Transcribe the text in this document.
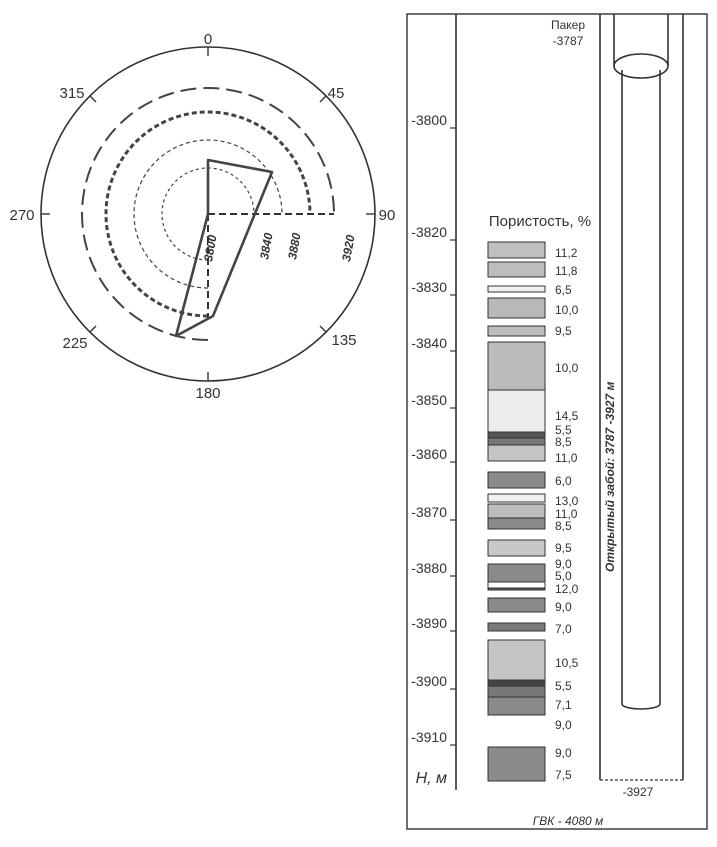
0
45
90
135
180
225
270
315
3800	3840 3880	3920
Пакер
-3787
Пористость, %
Открытый забой: 3787 -3927 м
H, м
-3927
ГВК - 4080 м
-3800
-3820
-3830
-3840
-3850
-3860
-3870
-3880
-3890
-3900
-3910
11,2
11,8
6,5
10,0
9,5
10,0
14,5
5,5
8,5
11,0
6,0
13,0
11,0
8,5
9,5
9,0
5,0
12,0
9,0
7,0
10,5
5,5
7,1
9,0
9,0
7,5
